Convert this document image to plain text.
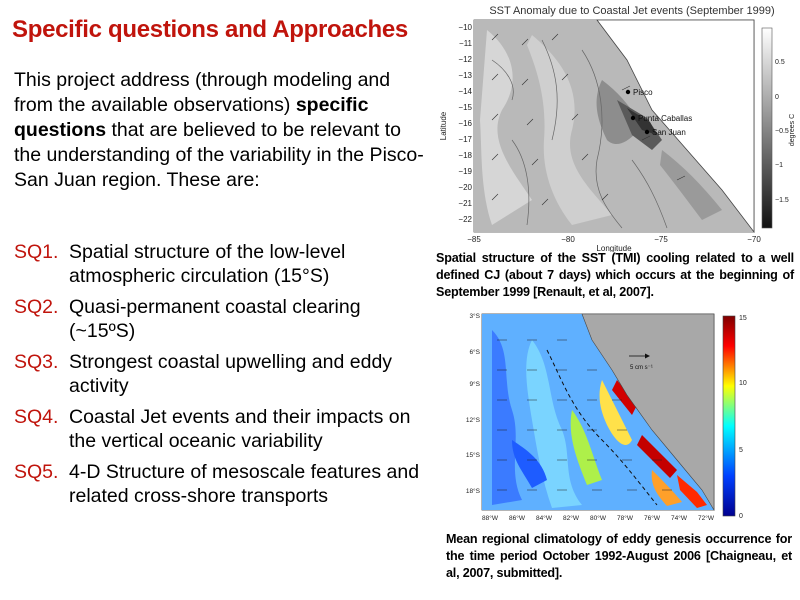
Specific questions and Approaches
This project address (through modeling and from the available observations) specific questions that are believed to be relevant to the understanding of the variability in the Pisco-San Juan region. These are:
SQ1. Spatial structure of the low-level atmospheric circulation (15°S)
SQ2. Quasi-permanent coastal clearing (~15ºS)
SQ3. Strongest coastal upwelling and eddy activity
SQ4. Coastal Jet events and their impacts on the vertical oceanic variability
SQ5. 4-D Structure of mesoscale features and related cross-shore transports
SST Anomaly due to Coastal Jet events (September 1999)
−10
−11
−12
−13
−14
−15
−16
−17
−18
−19
−20
−21
−22
Latitude
−85	−80	−75	−70
Longitude
Pisco
Punta Caballas
San Juan
0.5
0
−0.5
−1
−1.5
degrees C
Spatial structure of the SST (TMI) cooling related to a well defined CJ (about 7 days) which occurs at the beginning of September 1999 [Renault, et al, 2007].
5 cm s⁻¹
3°S
6°S
9°S
12°S
15°S
18°S
88°W 86°W 84°W 82°W 80°W 78°W 76°W 74°W 72°W
15
10
5
0
Mean regional climatology of eddy genesis occurrence for the time period October 1992-August 2006 [Chaigneau, et al, 2007, submitted].
